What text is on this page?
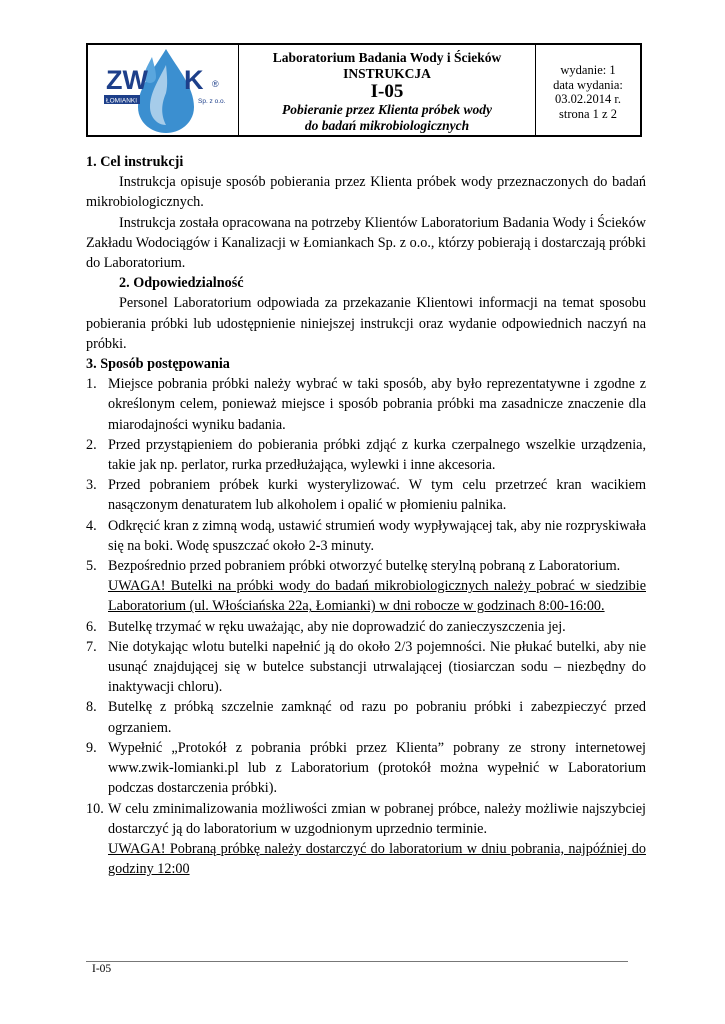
ZW K ®
ŁOMIANKI	Sp. z o.o.
Laboratorium Badania Wody i Ścieków
INSTRUKCJA
I-05
Pobieranie przez Klienta próbek wody
do badań mikrobiologicznych
wydanie: 1
data wydania:
03.02.2014 r.
strona 1 z 2

1. Cel instrukcji

Instrukcja opisuje sposób pobierania przez Klienta próbek wody przeznaczonych do badań mikrobiologicznych.

Instrukcja została opracowana na potrzeby Klientów Laboratorium Badania Wody i Ścieków Zakładu Wodociągów i Kanalizacji w Łomiankach Sp. z o.o., którzy pobierają i dostarczają próbki do Laboratorium.

2. Odpowiedzialność

Personel Laboratorium odpowiada za przekazanie Klientowi informacji na temat sposobu pobierania próbki lub udostępnienie niniejszej instrukcji oraz wydanie odpowiednich naczyń na próbki.

3. Sposób postępowania

1. Miejsce pobrania próbki należy wybrać w taki sposób, aby było reprezentatywne i zgodne z określonym celem, ponieważ miejsce i sposób pobrania próbki ma zasadnicze znaczenie dla miarodajności wyniku badania.
2. Przed przystąpieniem do pobierania próbki zdjąć z kurka czerpalnego wszelkie urządzenia, takie jak np. perlator, rurka przedłużająca, wylewki i inne akcesoria.
3. Przed pobraniem próbek kurki wysterylizować. W tym celu przetrzeć kran wacikiem nasączonym denaturatem lub alkoholem i opalić w płomieniu palnika.
4. Odkręcić kran z zimną wodą, ustawić strumień wody wypływającej tak, aby nie rozpryskiwała się na boki. Wodę spuszczać około 2-3 minuty.
5. Bezpośrednio przed pobraniem próbki otworzyć butelkę sterylną pobraną z Laboratorium.
UWAGA! Butelki na próbki wody do badań mikrobiologicznych należy pobrać w siedzibie Laboratorium (ul. Włościańska 22a, Łomianki) w dni robocze w godzinach 8:00-16:00.
6. Butelkę trzymać w ręku uważając, aby nie doprowadzić do zanieczyszczenia jej.
7. Nie dotykając wlotu butelki napełnić ją do około 2/3 pojemności. Nie płukać butelki, aby nie usunąć znajdującej się w butelce substancji utrwalającej (tiosiarczan sodu – niezbędny do inaktywacji chloru).
8. Butelkę z próbką szczelnie zamknąć od razu po pobraniu próbki i zabezpieczyć przed ogrzaniem.
9. Wypełnić „Protokół z pobrania próbki przez Klienta” pobrany ze strony internetowej www.zwik-lomianki.pl lub z Laboratorium (protokół można wypełnić w Laboratorium podczas dostarczenia próbki).
10. W celu zminimalizowania możliwości zmian w pobranej próbce, należy możliwie najszybciej dostarczyć ją do laboratorium w uzgodnionym uprzednio terminie.
UWAGA! Pobraną próbkę należy dostarczyć do laboratorium w dniu pobrania, najpóźniej do godziny 12:00
I-05
